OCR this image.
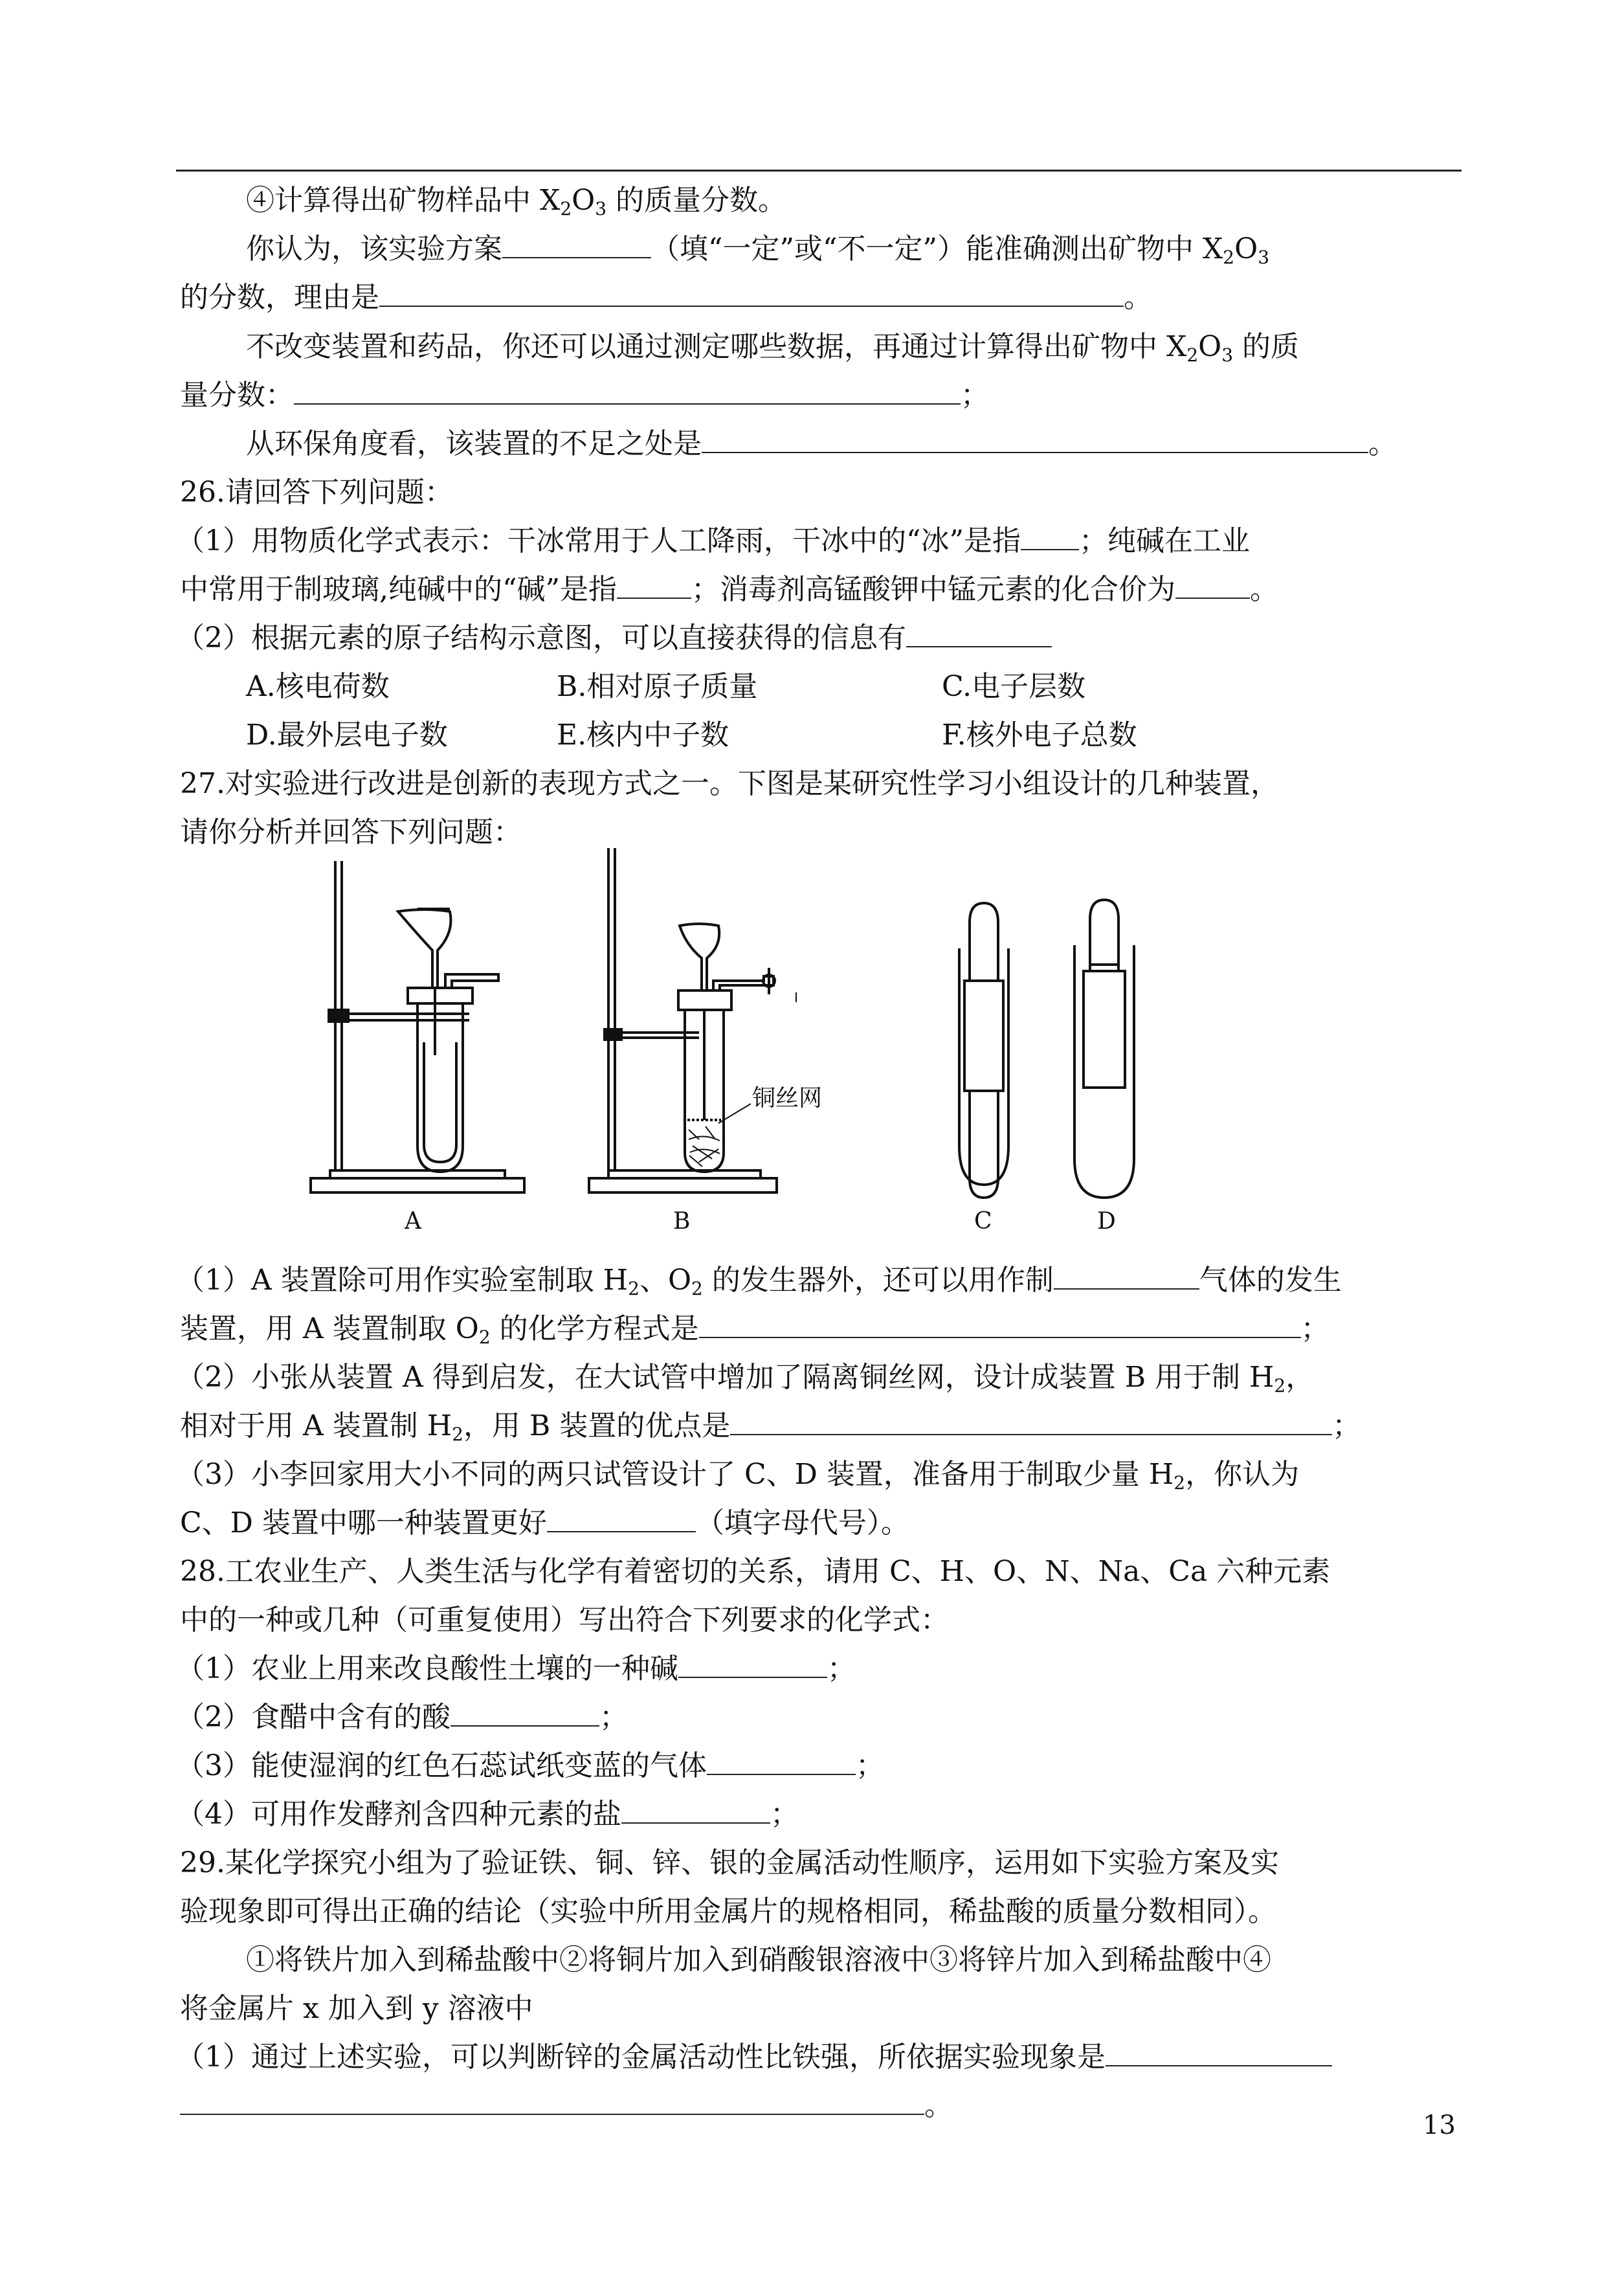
④计算得出矿物样品中 $X_2O_3$ 的质量分数。
你认为，该实验方案	（填“一定”或“不一定”）能准确测出矿物中 $X_2O_3$
的分数，理由是	。
不改变装置和药品，你还可以通过测定哪些数据，再通过计算得出矿物中 $X_2O_3$ 的质
量分数：	；
从环保角度看，该装置的不足之处是	。
26.请回答下列问题：
（1）用物质化学式表示：干冰常用于人工降雨，干冰中的“冰”是指 ；纯碱在工业
中常用于制玻璃,纯碱中的“碱”是指	；消毒剂高锰酸钾中锰元素的化合价为	。
（2）根据元素的原子结构示意图，可以直接获得的信息有
A.核电荷数	B.相对原子质量	C.电子层数
D.最外层电子数	E.核内中子数	F.核外电子总数
27.对实验进行改进是创新的表现方式之一。下图是某研究性学习小组设计的几种装置，
请你分析并回答下列问题：
A
铜丝网
B	C	D
（1）A 装置除可用作实验室制取 $H_2$、$O_2$ 的发生器外，还可以用作制	气体的发生
装置，用 A 装置制取 $O_2$ 的化学方程式是	；
（2）小张从装置 A 得到启发，在大试管中增加了隔离铜丝网，设计成装置 B 用于制 $H_2$，
相对于用 A 装置制 $H_2$，用 B 装置的优点是	；
（3）小李回家用大小不同的两只试管设计了 C、D 装置，准备用于制取少量 $H_2$，你认为
C、D 装置中哪一种装置更好	（填字母代号）。
28.工农业生产、人类生活与化学有着密切的关系，请用 C、H、O、N、Na、Ca 六种元素
中的一种或几种（可重复使用）写出符合下列要求的化学式：
（1）农业上用来改良酸性土壤的一种碱	；
（2）食醋中含有的酸	；
（3）能使湿润的红色石蕊试纸变蓝的气体	；
（4）可用作发酵剂含四种元素的盐	；
29.某化学探究小组为了验证铁、铜、锌、银的金属活动性顺序，运用如下实验方案及实
验现象即可得出正确的结论（实验中所用金属片的规格相同，稀盐酸的质量分数相同）。
①将铁片加入到稀盐酸中②将铜片加入到硝酸银溶液中③将锌片加入到稀盐酸中④
将金属片 x 加入到 y 溶液中
（1）通过上述实验，可以判断锌的金属活动性比铁强，所依据实验现象是
。
13
